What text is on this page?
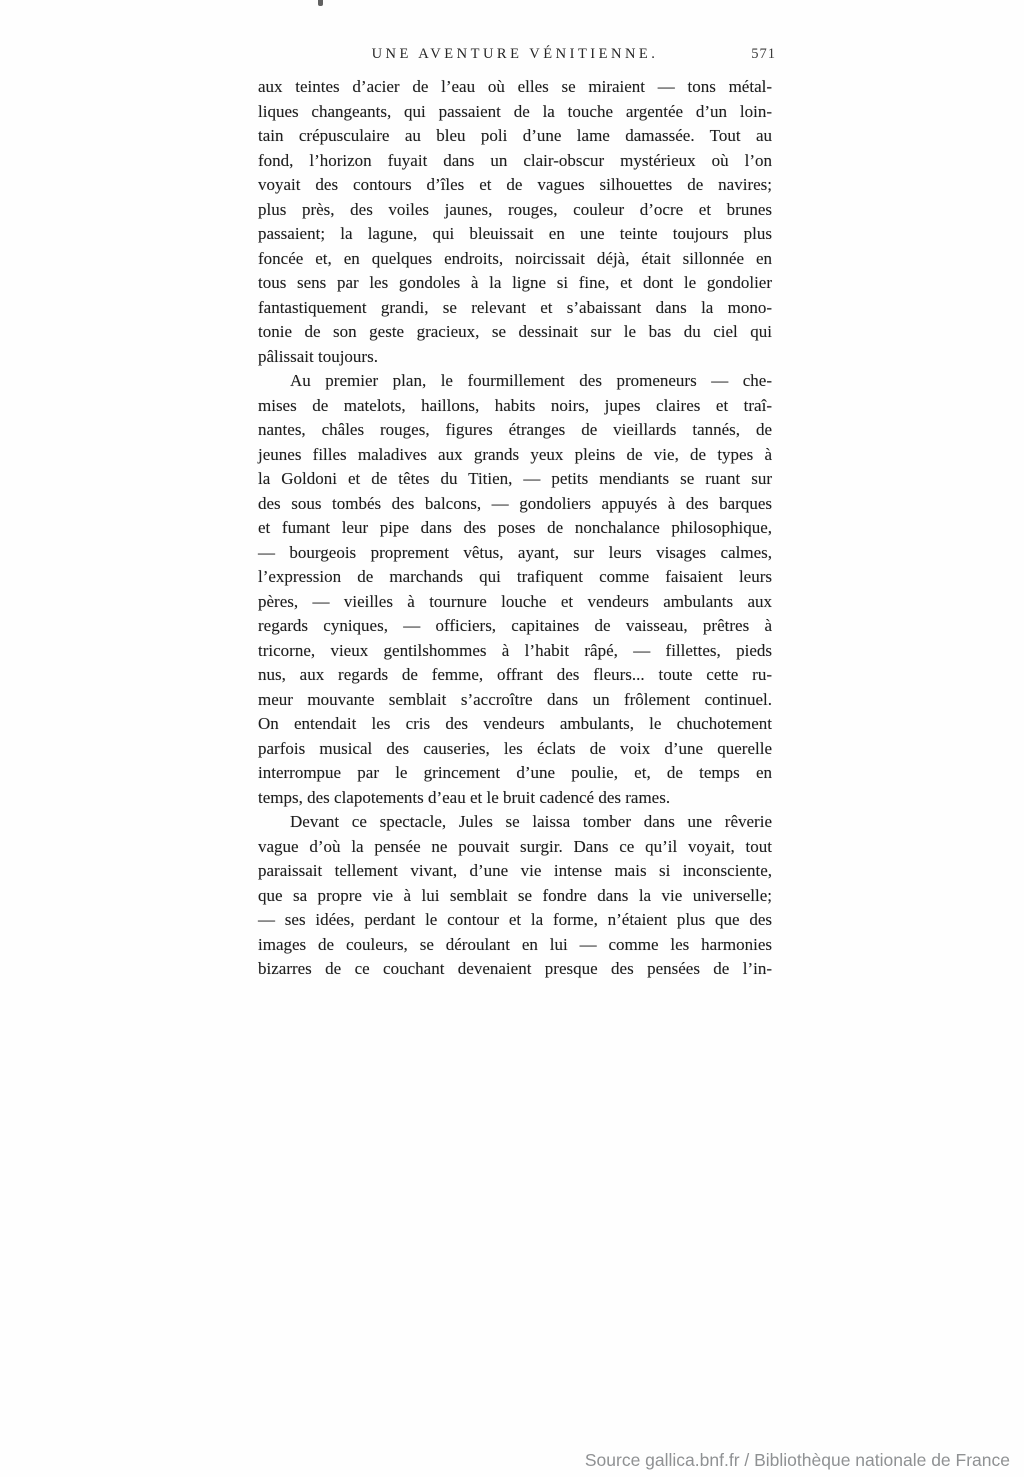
UNE AVENTURE VÉNITIENNE.	571
aux teintes d’acier de l’eau où elles se miraient — tons métal-
liques changeants, qui passaient de la touche argentée d’un loin-
tain crépusculaire au bleu poli d’une lame damassée. Tout au
fond, l’horizon fuyait dans un clair-obscur mystérieux où l’on
voyait des contours d’îles et de vagues silhouettes de navires;
plus près, des voiles jaunes, rouges, couleur d’ocre et brunes
passaient; la lagune, qui bleuissait en une teinte toujours plus
foncée et, en quelques endroits, noircissait déjà, était sillonnée en
tous sens par les gondoles à la ligne si fine, et dont le gondolier
fantastiquement grandi, se relevant et s’abaissant dans la mono-
tonie de son geste gracieux, se dessinait sur le bas du ciel qui
pâlissait toujours.
Au premier plan, le fourmillement des promeneurs — che-
mises de matelots, haillons, habits noirs, jupes claires et traî-
nantes, châles rouges, figures étranges de vieillards tannés, de
jeunes filles maladives aux grands yeux pleins de vie, de types à
la Goldoni et de têtes du Titien, — petits mendiants se ruant sur
des sous tombés des balcons, — gondoliers appuyés à des barques
et fumant leur pipe dans des poses de nonchalance philosophique,
— bourgeois proprement vêtus, ayant, sur leurs visages calmes,
l’expression de marchands qui trafiquent comme faisaient leurs
pères, — vieilles à tournure louche et vendeurs ambulants aux
regards cyniques, — officiers, capitaines de vaisseau, prêtres à
tricorne, vieux gentilshommes à l’habit râpé, — fillettes, pieds
nus, aux regards de femme, offrant des fleurs... toute cette ru-
meur mouvante semblait s’accroître dans un frôlement continuel.
On entendait les cris des vendeurs ambulants, le chuchotement
parfois musical des causeries, les éclats de voix d’une querelle
interrompue par le grincement d’une poulie, et, de temps en
temps, des clapotements d’eau et le bruit cadencé des rames.
Devant ce spectacle, Jules se laissa tomber dans une rêverie
vague d’où la pensée ne pouvait surgir. Dans ce qu’il voyait, tout
paraissait tellement vivant, d’une vie intense mais si inconsciente,
que sa propre vie à lui semblait se fondre dans la vie universelle;
— ses idées, perdant le contour et la forme, n’étaient plus que des
images de couleurs, se déroulant en lui — comme les harmonies
bizarres de ce couchant devenaient presque des pensées de l’in-
Source gallica.bnf.fr / Bibliothèque nationale de France
